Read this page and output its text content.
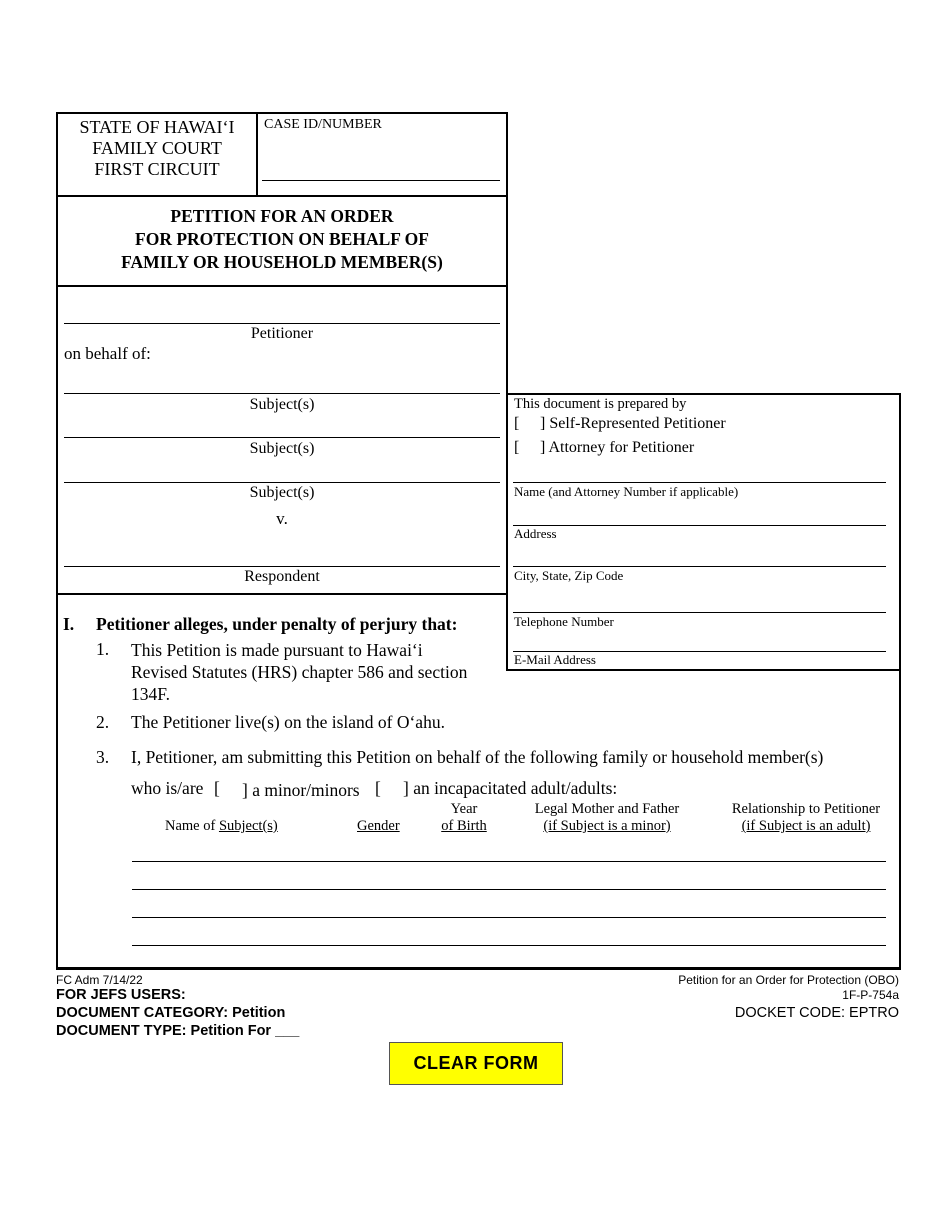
STATE OF HAWAI‘I
FAMILY COURT
FIRST CIRCUIT
CASE ID/NUMBER
PETITION FOR AN ORDER
FOR PROTECTION ON BEHALF OF
FAMILY OR HOUSEHOLD MEMBER(S)
Petitioner
on behalf of:
Subject(s)
Subject(s)
Subject(s)
v.
Respondent
This document is prepared by
[ ] Self-Represented Petitioner
[ ] Attorney for Petitioner
Name (and Attorney Number if applicable)
Address
City, State, Zip Code
Telephone Number
E-Mail Address
I. Petitioner alleges, under penalty of perjury that:
1. This Petition is made pursuant to Hawai‘i
Revised Statutes (HRS) chapter 586 and section
134F.
2. The Petitioner live(s) on the island of O‘ahu.
3. I, Petitioner, am submitting this Petition on behalf of the following family or household member(s)
who is/are [ ] a minor/minors [ ] an incapacitated adult/adults:
Name of Subject(s)	Gender
Year
of Birth
Legal Mother and Father
(if Subject is a minor)
Relationship to Petitioner
(if Subject is an adult)
FC Adm 7/14/22
FOR JEFS USERS:
DOCUMENT CATEGORY: Petition
DOCUMENT TYPE: Petition For ___
Petition for an Order for Protection (OBO)
1F-P-754a
DOCKET CODE: EPTRO
CLEAR FORM
